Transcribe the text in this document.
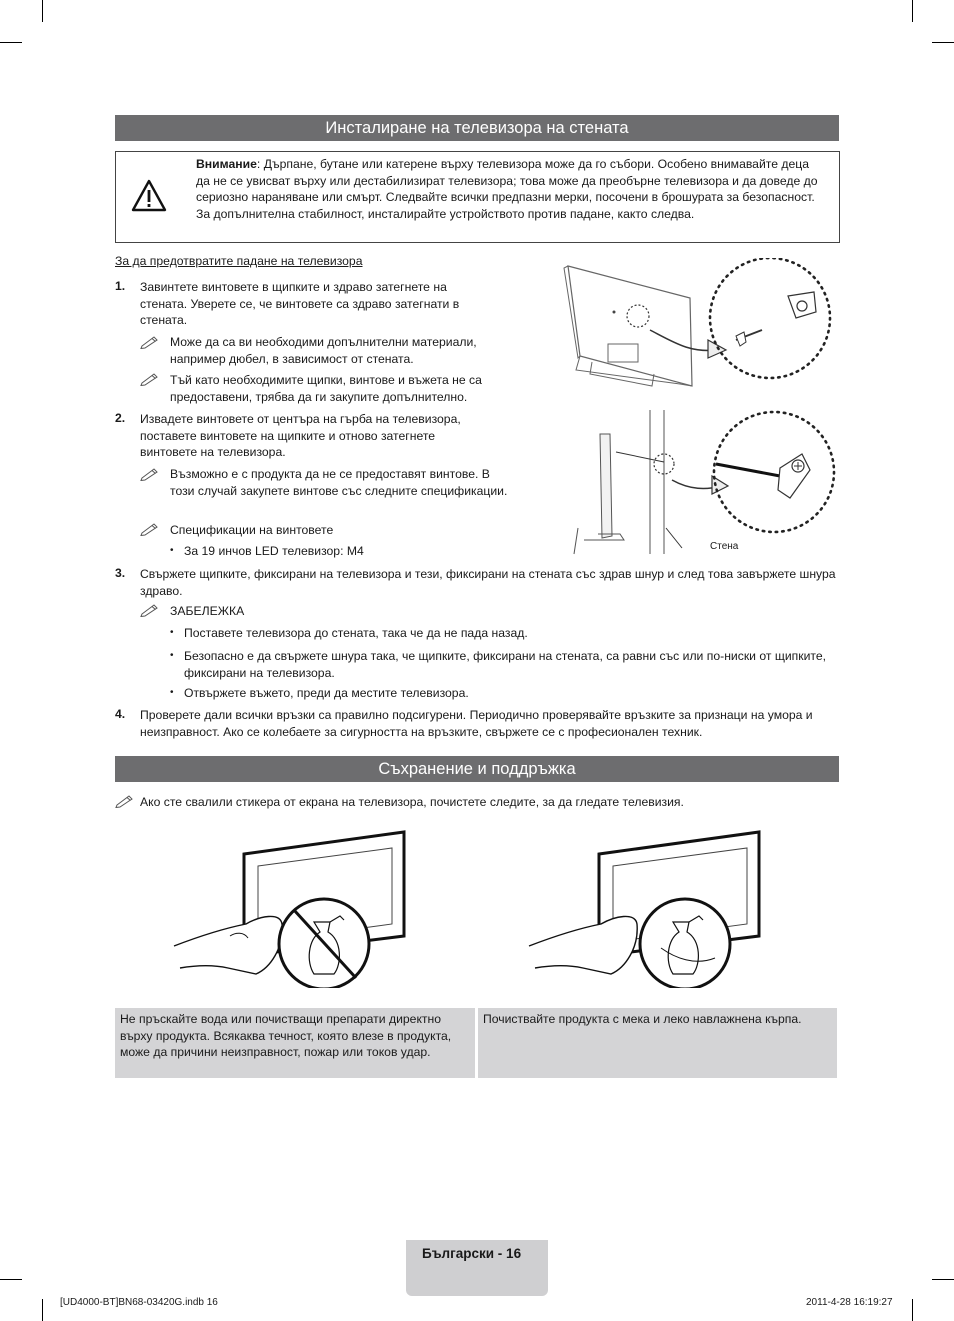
Инсталиране на телевизора на стената
Внимание: Дърпане, бутане или катерене върху телевизора може да го събори. Особено внимавайте деца да не се увисват върху или дестабилизират телевизора; това може да преобърне телевизора и да доведе до сериозно нараняване или смърт. Следвайте всички предпазни мерки, посочени в брошурата за безопасност. За допълнителна стабилност, инсталирайте устройството против падане, както следва.
За да предотвратите падане на телевизора
1. Завинтете винтовете в щипките и здраво затегнете на стената. Уверете се, че винтовете са здраво затегнати в стената.
Може да са ви необходими допълнителни материали, например дюбел, в зависимост от стената.
Тъй като необходимите щипки, винтове и въжета не са предоставени, трябва да ги закупите допълнително.
2. Извадете винтовете от центъра на гърба на телевизора, поставете винтовете на щипките и отново затегнете винтовете на телевизора.
Възможно е с продукта да не се предоставят винтове. В този случай закупете винтове със следните спецификации.
Спецификации на винтовете
• За 19 инчов LED телевизор: M4	Стена
3. Свържете щипките, фиксирани на телевизора и тези, фиксирани на стената със здрав шнур и след това завържете шнура здраво.
ЗАБЕЛЕЖКА
• Поставете телевизора до стената, така че да не пада назад.
• Безопасно е да свържете шнура така, че щипките, фиксирани на стената, са равни със или по-ниски от щипките, фиксирани на телевизора.
• Отвържете въжето, преди да местите телевизора.
4. Проверете дали всички връзки са правилно подсигурени. Периодично проверявайте връзките за признаци на умора и неизправност. Ако се колебаете за сигурността на връзките, свържете се с професионален техник.
Съхранение и поддръжка
Ако сте свалили стикера от екрана на телевизора, почистете следите, за да гледате телевизия.
Не пръскайте вода или почистващи препарати директно върху продукта. Всякаква течност, която влезе в продукта, може да причини неизправност, пожар или токов удар.
Почиствайте продукта с мека и леко навлажнена кърпа.
Български - 16
[UD4000-BT]BN68-03420G.indb 16	2011-4-28 16:19:27
